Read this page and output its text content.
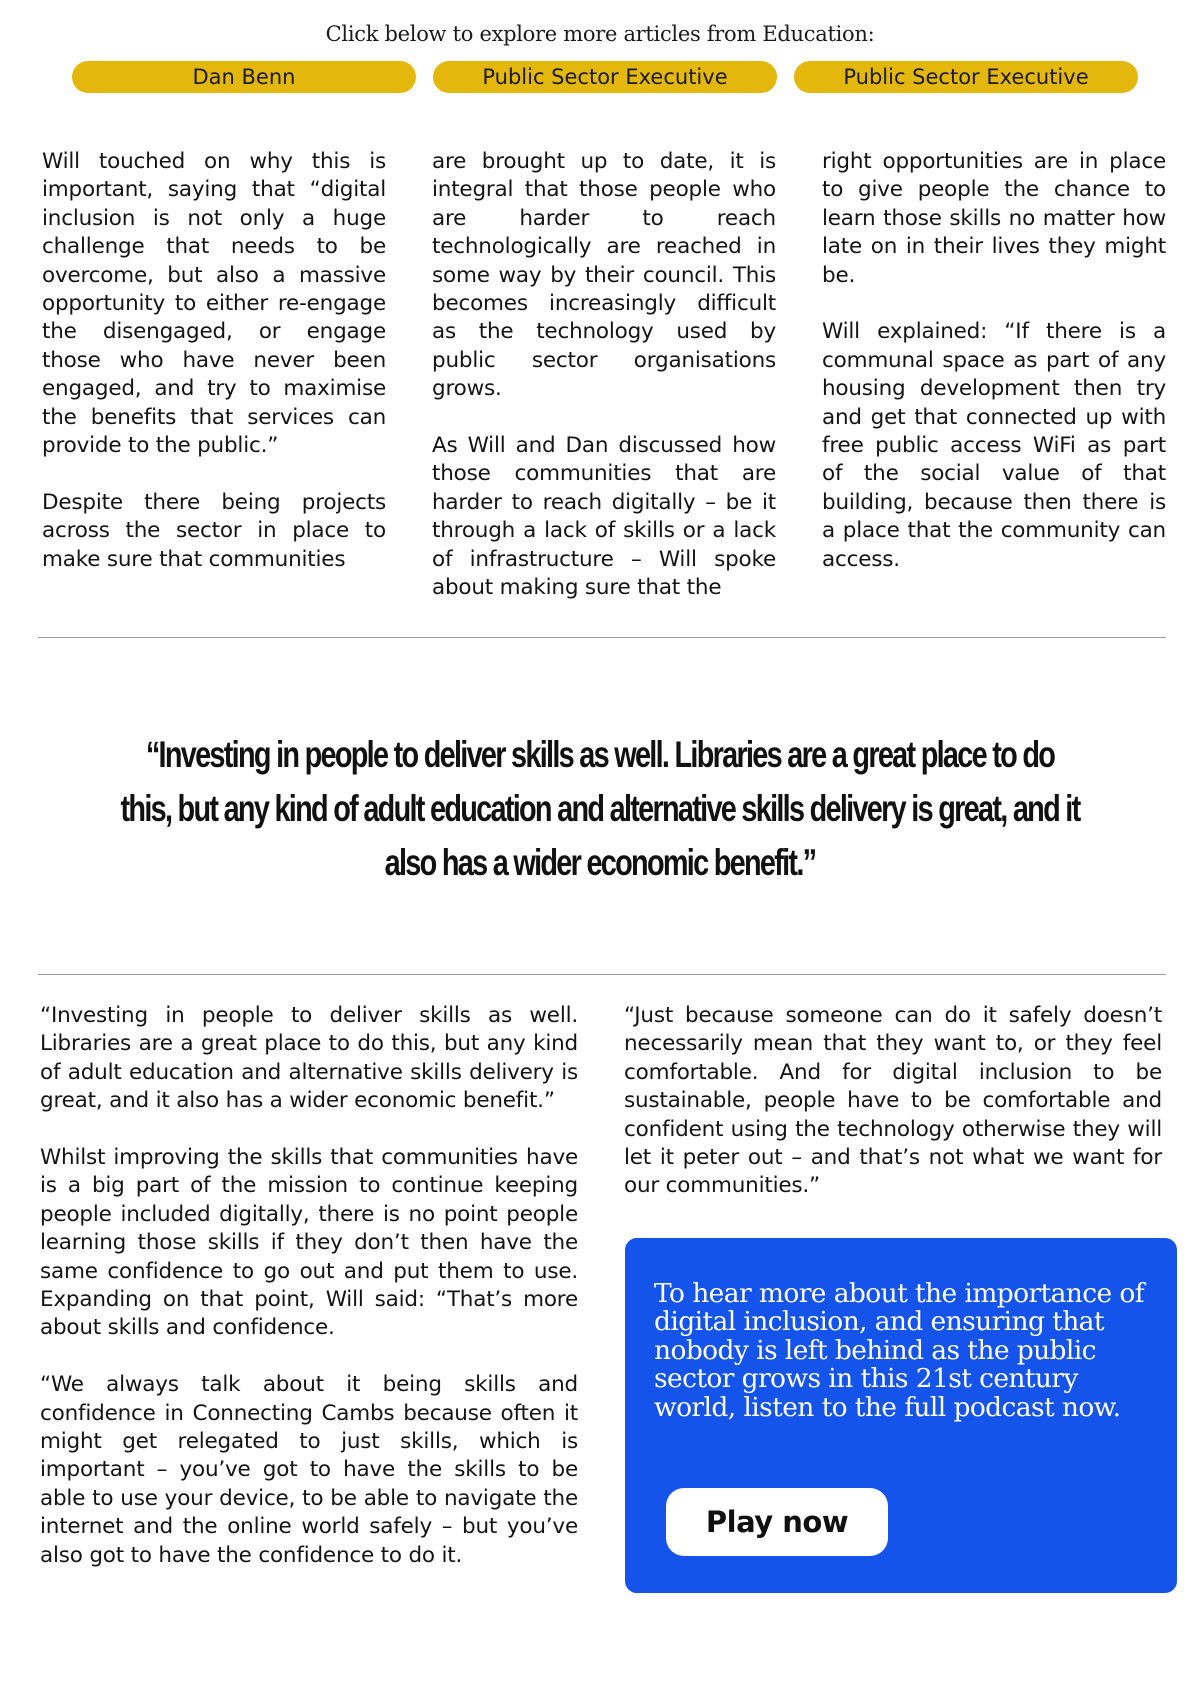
Click below to explore more articles from Education:
Dan Benn	Public Sector Executive	Public Sector Executive

Will touched on why this is important, saying that “digital inclusion is not only a huge challenge that needs to be overcome, but also a massive opportunity to either re-engage the disengaged, or engage those who have never been engaged, and try to maximise the benefits that services can provide to the public.”

Despite there being projects across the sector in place to make sure that communities

are brought up to date, it is integral that those people who are harder to reach technologically are reached in some way by their council. This becomes increasingly difficult as the technology used by public sector organisations grows.

As Will and Dan discussed how those communities that are harder to reach digitally – be it through a lack of skills or a lack of infrastructure – Will spoke about making sure that the

right opportunities are in place to give people the chance to learn those skills no matter how late on in their lives they might be.

Will explained: “If there is a communal space as part of any housing development then try and get that connected up with free public access WiFi as part of the social value of that building, because then there is a place that the community can access.

“Investing in people to deliver skills as well. Libraries are a great place to do this, but any kind of adult education and alternative skills delivery is great, and it also has a wider economic benefit.”

“Investing in people to deliver skills as well. Libraries are a great place to do this, but any kind of adult education and alternative skills delivery is great, and it also has a wider economic benefit.”

Whilst improving the skills that communities have is a big part of the mission to continue keeping people included digitally, there is no point people learning those skills if they don’t then have the same confidence to go out and put them to use. Expanding on that point, Will said: “That’s more about skills and confidence.

“We always talk about it being skills and confidence in Connecting Cambs because often it might get relegated to just skills, which is important – you’ve got to have the skills to be able to use your device, to be able to navigate the internet and the online world safely – but you’ve also got to have the confidence to do it.

“Just because someone can do it safely doesn’t necessarily mean that they want to, or they feel comfortable. And for digital inclusion to be sustainable, people have to be comfortable and confident using the technology otherwise they will let it peter out – and that’s not what we want for our communities.”

To hear more about the importance of digital inclusion, and ensuring that nobody is left behind as the public sector grows in this 21st century world, listen to the full podcast now.
Play now
